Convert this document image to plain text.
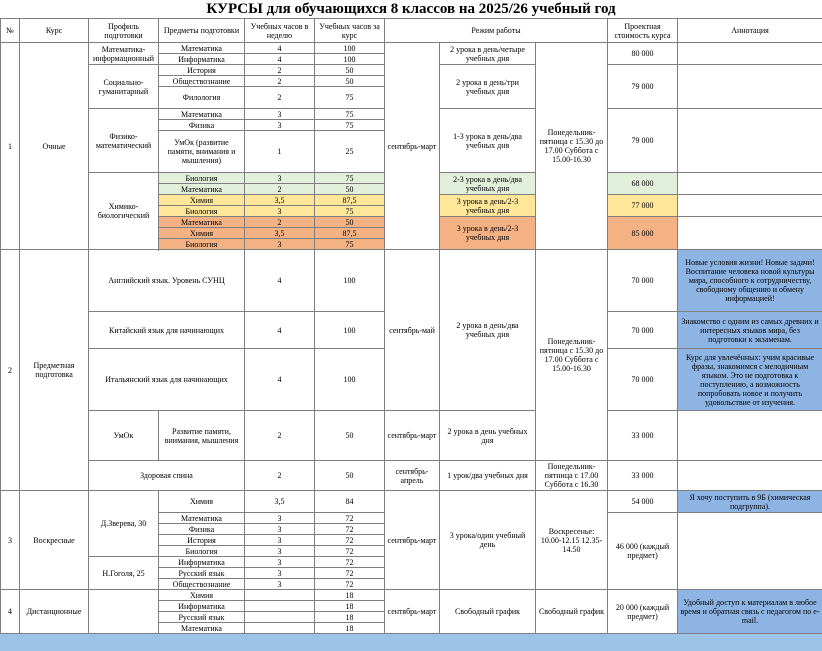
КУРСЫ для обучающихся 8 классов на 2025/26 учебный год
№	Курс	Профиль подготовки	Предметы подготовки	Учебных часов в неделю	Учебных часов за курс	Режим работы			Проектная стоимость курса	Аннотация
1	Очные	Математика-информационный	Математика	4	100	сентябрь-март	2 урока в день/четыре учебных дня	Понедельник-пятница с 15.30 до 17.00 Суббота с 15.00-16.30	80 000	
			Информатика	4	100					
		Социально-гуманитарный	История	2	50		2 урока в день/три учебных дня		79 000	
			Обществознание	2	50					
			Филология	2	75					

		Физико-математический	Математика	3	75		1-3 урока в день/два учебных дня		79 000	
			Физика	3	75					
			УмОк (развитие памяти, внимания и мышления)	1	25					

		Химико-биологический	Биология	3	75		2-3 урока в день/два учебных дня		68 000	
			Математика	2	50					
			Химия	3,5	87,5		3 урока в день/2-3 учебных дня		77 000	
			Биология	3	75					
			Математика	2	50		3 урока в день/2-3 учебных дня		85 000	
			Химия	3,5	87,5					
			Биология	3	75					

2	Предметная подготовка	Английский язык. Уровень СУНЦ		4	100	сентябрь-май	2 урока в день/два учебных дня	Понедельник-пятница с 15.30 до 17.00 Суббота с 15.00-16.30	70 000	Новые условия жизни! Новые задачи! Воспитание человека новой культуры мира, способного к сотрудничеству, свободному общению и обмену информацией!
		Китайский язык для начинающих		4	100				70 000	Знакомство с одним из самых древних и интересных языков мира, без подготовки к экзаменам.
		Итальянский язык для начинающих		4	100				70 000	Курс для увлечённых: учим красивые фразы, знакомимся с мелодичным языком. Это не подготовка к поступлению, а возможность попробовать новое и получить удовольствие от изучения.
		УмОк	Развитие памяти, внимания, мышления	2	50	сентябрь-март	2 урока в день учебных дня		33 000	
		Здоровая спина		2	50	сентябрь-апрель	1 урок/два учебных дня	Понедельник-пятница с 17.00 Суббота с 16.30	33 000	

3	Воскресные	Д.Зверева, 30	Химия	3,5	84	сентябрь-март	3 урока/один учебный день	Воскресенье: 10.00-12.15 12.35-14.50	54 000	Я хочу поступить в 9Б (химическая подгруппа).
			Математика	3	72				46 000 (каждый предмет)	
			Физика	3	72					
			История	3	72					
			Биология	3	72					
		Н.Гоголя, 25	Информатика	3	72					
			Русский язык	3	72					
			Обществознание	3	72					
4	Дистанционные		Химия		18	сентябрь-март	Свободный график	Свободный график	20 000 (каждый предмет)	Удобный доступ к материалам в любое время и обратная связь с педагогом по e-mail.
			Информатика		18					
			Русский язык		18					
			Математика		18					
